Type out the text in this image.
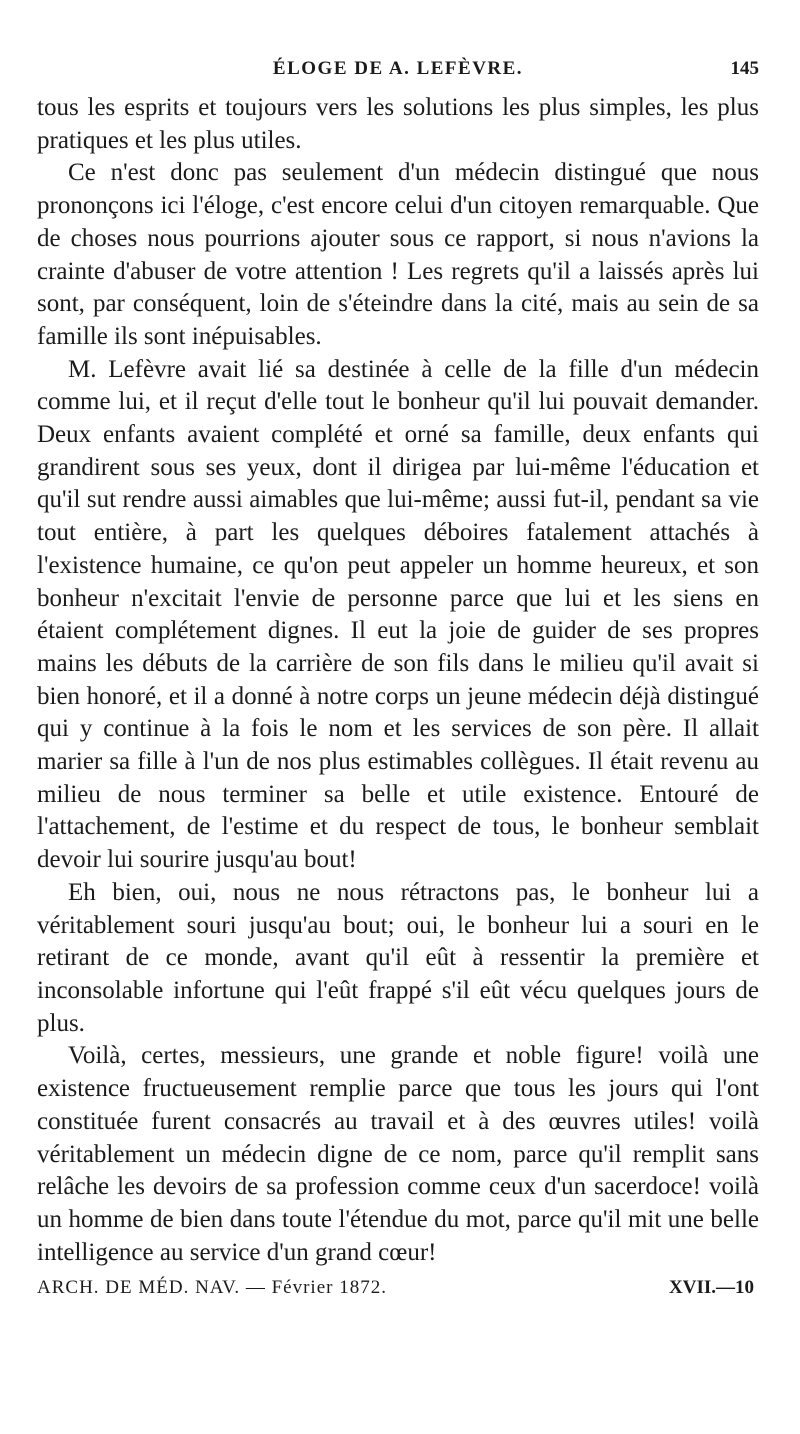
ÉLOGE DE A. LEFÈVRE.	145

tous les esprits et toujours vers les solutions les plus simples, les plus pratiques et les plus utiles.

Ce n'est donc pas seulement d'un médecin distingué que nous prononçons ici l'éloge, c'est encore celui d'un citoyen remarquable. Que de choses nous pourrions ajouter sous ce rapport, si nous n'avions la crainte d'abuser de votre attention ! Les regrets qu'il a laissés après lui sont, par conséquent, loin de s'éteindre dans la cité, mais au sein de sa famille ils sont inépuisables.

M. Lefèvre avait lié sa destinée à celle de la fille d'un médecin comme lui, et il reçut d'elle tout le bonheur qu'il lui pouvait demander. Deux enfants avaient complété et orné sa famille, deux enfants qui grandirent sous ses yeux, dont il dirigea par lui-même l'éducation et qu'il sut rendre aussi aimables que lui-même; aussi fut-il, pendant sa vie tout entière, à part les quelques déboires fatalement attachés à l'existence humaine, ce qu'on peut appeler un homme heureux, et son bonheur n'excitait l'envie de personne parce que lui et les siens en étaient complétement dignes. Il eut la joie de guider de ses propres mains les débuts de la carrière de son fils dans le milieu qu'il avait si bien honoré, et il a donné à notre corps un jeune médecin déjà distingué qui y continue à la fois le nom et les services de son père. Il allait marier sa fille à l'un de nos plus estimables collègues. Il était revenu au milieu de nous terminer sa belle et utile existence. Entouré de l'attachement, de l'estime et du respect de tous, le bonheur semblait devoir lui sourire jusqu'au bout!

Eh bien, oui, nous ne nous rétractons pas, le bonheur lui a véritablement souri jusqu'au bout; oui, le bonheur lui a souri en le retirant de ce monde, avant qu'il eût à ressentir la première et inconsolable infortune qui l'eût frappé s'il eût vécu quelques jours de plus.

Voilà, certes, messieurs, une grande et noble figure! voilà une existence fructueusement remplie parce que tous les jours qui l'ont constituée furent consacrés au travail et à des œuvres utiles! voilà véritablement un médecin digne de ce nom, parce qu'il remplit sans relâche les devoirs de sa profession comme ceux d'un sacerdoce! voilà un homme de bien dans toute l'étendue du mot, parce qu'il mit une belle intelligence au service d'un grand cœur!

ARCH. DE MÉD. NAV. — Février 1872.	XVII.—10
